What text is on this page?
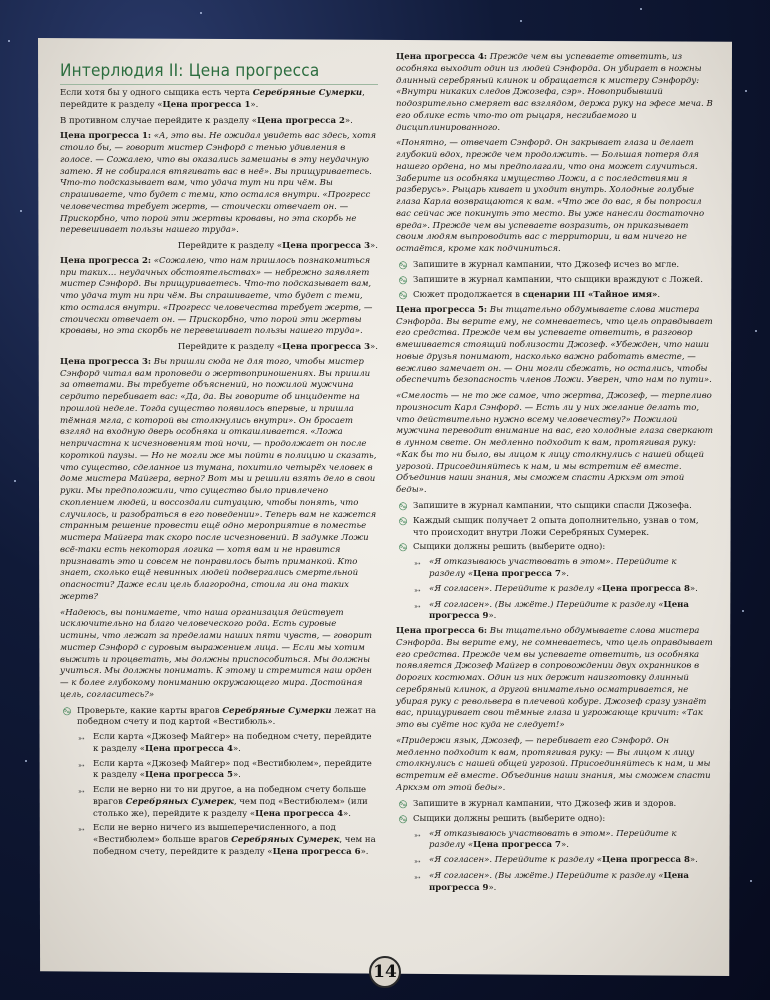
Интерлюдия II: Цена прогресса

Если хотя бы у одного сыщика есть черта Серебряные Сумерки, перейдите к разделу «Цена прогресса 1».

В противном случае перейдите к разделу «Цена прогресса 2».

Цена прогресса 1: «А, это вы. Не ожидал увидеть вас здесь, хотя стоило бы, — говорит мистер Сэнфорд с тенью удивления в голосе. — Сожалею, что вы оказались замешаны в эту неудачную затею. Я не собирался втягивать вас в неё». Вы прищуриваетесь. Что-то подсказывает вам, что удача тут ни при чём. Вы спрашиваете, что будет с теми, кто остался внутри. «Прогресс человечества требует жертв, — стоически отвечает он. — Прискорбно, что порой эти жертвы кровавы, но эта скорбь не перевешивает пользы нашего труда».

Перейдите к разделу «Цена прогресса 3».

Цена прогресса 2: «Сожалею, что нам пришлось познакомиться при таких… неудачных обстоятельствах» — небрежно заявляет мистер Сэнфорд. Вы прищуриваетесь. Что-то подсказывает вам, что удача тут ни при чём. Вы спрашиваете, что будет с теми, кто остался внутри. «Прогресс человечества требует жертв, — стоически отвечает он. — Прискорбно, что порой эти жертвы кровавы, но эта скорбь не перевешивает пользы нашего труда».

Перейдите к разделу «Цена прогресса 3».

Цена прогресса 3: Вы пришли сюда не для того, чтобы мистер Сэнфорд читал вам проповеди о жертвоприношениях. Вы пришли за ответами. Вы требуете объяснений, но пожилой мужчина сердито перебивает вас: «Да, да. Вы говорите об инциденте на прошлой неделе. Тогда существо появилось впервые, и пришла тёмная мгла, с которой вы столкнулись внутри». Он бросает взгляд на входную дверь особняка и откашливается. «Ложа непричастна к исчезновениям той ночи, — продолжает он после короткой паузы. — Но не могли же мы пойти в полицию и сказать, что существо, сделанное из тумана, похитило четырёх человек в доме мистера Майгера, верно? Вот мы и решили взять дело в свои руки. Мы предположили, что существо было привлечено скоплением людей, и воссоздали ситуацию, чтобы понять, что случилось, и разобраться в его поведении». Теперь вам не кажется странным решение провести ещё одно мероприятие в поместье мистера Майгера так скоро после исчезновений. В задумке Ложи всё-таки есть некоторая логика — хотя вам и не нравится признавать это и совсем не понравилось быть приманкой. Кто знает, сколько ещё невинных людей подвергались смертельной опасности? Даже если цель благородна, стоила ли она таких жертв?

«Надеюсь, вы понимаете, что наша организация действует исключительно на благо человеческого рода. Есть суровые истины, что лежат за пределами наших пяти чувств, — говорит мистер Сэнфорд с суровым выражением лица. — Если мы хотим выжить и процветать, мы должны приспособиться. Мы должны учиться. Мы должны понимать. К этому и стремится наш орден — к более глубокому пониманию окружающего мира. Достойная цель, согласитесь?»

࿊ Проверьте, какие карты врагов Серебряные Сумерки лежат на победном счету и под картой «Вестибюль».
➳ Если карта «Джозеф Майгер» на победном счету, перейдите к разделу «Цена прогресса 4».
➳ Если карта «Джозеф Майгер» под «Вестибюлем», перейдите к разделу «Цена прогресса 5».
➳ Если не верно ни то ни другое, а на победном счету больше врагов Серебряных Сумерек, чем под «Вестибюлем» (или столько же), перейдите к разделу «Цена прогресса 4».
➳ Если не верно ничего из вышеперечисленного, а под «Вестибюлем» больше врагов Серебряных Сумерек, чем на победном счету, перейдите к разделу «Цена прогресса 6».

Цена прогресса 4: Прежде чем вы успеваете ответить, из особняка выходит один из людей Сэнфорда. Он убирает в ножны длинный серебряный клинок и обращается к мистеру Сэнфорду: «Внутри никаких следов Джозефа, сэр». Новоприбывший подозрительно смеряет вас взглядом, держа руку на эфесе меча. В его облике есть что-то от рыцаря, несгибаемого и дисциплинированного.

«Понятно, — отвечает Сэнфорд. Он закрывает глаза и делает глубокий вдох, прежде чем продолжить. — Большая потеря для нашего ордена, но мы предполагали, что она может случиться. Заберите из особняка имущество Ложи, а с последствиями я разберусь». Рыцарь кивает и уходит внутрь. Холодные голубые глаза Карла возвращаются к вам. «Что же до вас, я бы попросил вас сейчас же покинуть это место. Вы уже нанесли достаточно вреда». Прежде чем вы успеваете возразить, он приказывает своим людям выпроводить вас с территории, и вам ничего не остаётся, кроме как подчиниться.

࿊ Запишите в журнал кампании, что Джозеф исчез во мгле.
࿊ Запишите в журнал кампании, что сыщики враждуют с Ложей.
࿊ Сюжет продолжается в сценарии III «Тайное имя».

Цена прогресса 5: Вы тщательно обдумываете слова мистера Сэнфорда. Вы верите ему, не сомневаетесь, что цель оправдывает его средства. Прежде чем вы успеваете ответить, в разговор вмешивается стоящий поблизости Джозеф. «Убежден, что наши новые друзья понимают, насколько важно работать вместе, — вежливо замечает он. — Они могли сбежать, но остались, чтобы обеспечить безопасность членов Ложи. Уверен, что нам по пути».

«Смелость — не то же самое, что жертва, Джозеф, — терпеливо произносит Карл Сэнфорд. — Есть ли у них желание делать то, что действительно нужно всему человечеству?» Пожилой мужчина переводит внимание на вас, его холодные глаза сверкают в лунном свете. Он медленно подходит к вам, протягивая руку: «Как бы то ни было, вы лицом к лицу столкнулись с нашей общей угрозой. Присоединяйтесь к нам, и мы встретим её вместе. Объединив наши знания, мы сможем спасти Аркхэм от этой беды».

࿊ Запишите в журнал кампании, что сыщики спасли Джозефа.
࿊ Каждый сыщик получает 2 опыта дополнительно, узнав о том, что происходит внутри Ложи Серебряных Сумерек.
࿊ Сыщики должны решить (выберите одно):
➳ «Я отказываюсь участвовать в этом». Перейдите к разделу «Цена прогресса 7».
➳ «Я согласен». Перейдите к разделу «Цена прогресса 8».
➳ «Я согласен». (Вы лжёте.) Перейдите к разделу «Цена прогресса 9».

Цена прогресса 6: Вы тщательно обдумываете слова мистера Сэнфорда. Вы верите ему, не сомневаетесь, что цель оправдывает его средства. Прежде чем вы успеваете ответить, из особняка появляется Джозеф Майгер в сопровождении двух охранников в дорогих костюмах. Один из них держит наизготовку длинный серебряный клинок, а другой внимательно осматривается, не убирая руку с револьвера в плечевой кобуре. Джозеф сразу узнаёт вас, прищуривает свои тёмные глаза и угрожающе кричит: «Так это вы суёте нос куда не следует!»

«Придержи язык, Джозеф, — перебивает его Сэнфорд. Он медленно подходит к вам, протягивая руку: — Вы лицом к лицу столкнулись с нашей общей угрозой. Присоединяйтесь к нам, и мы встретим её вместе. Объединив наши знания, мы сможем спасти Аркхэм от этой беды».

࿊ Запишите в журнал кампании, что Джозеф жив и здоров.
࿊ Сыщики должны решить (выберите одно):
➳ «Я отказываюсь участвовать в этом». Перейдите к разделу «Цена прогресса 7».
➳ «Я согласен». Перейдите к разделу «Цена прогресса 8».
➳ «Я согласен». (Вы лжёте.) Перейдите к разделу «Цена прогресса 9».
14
